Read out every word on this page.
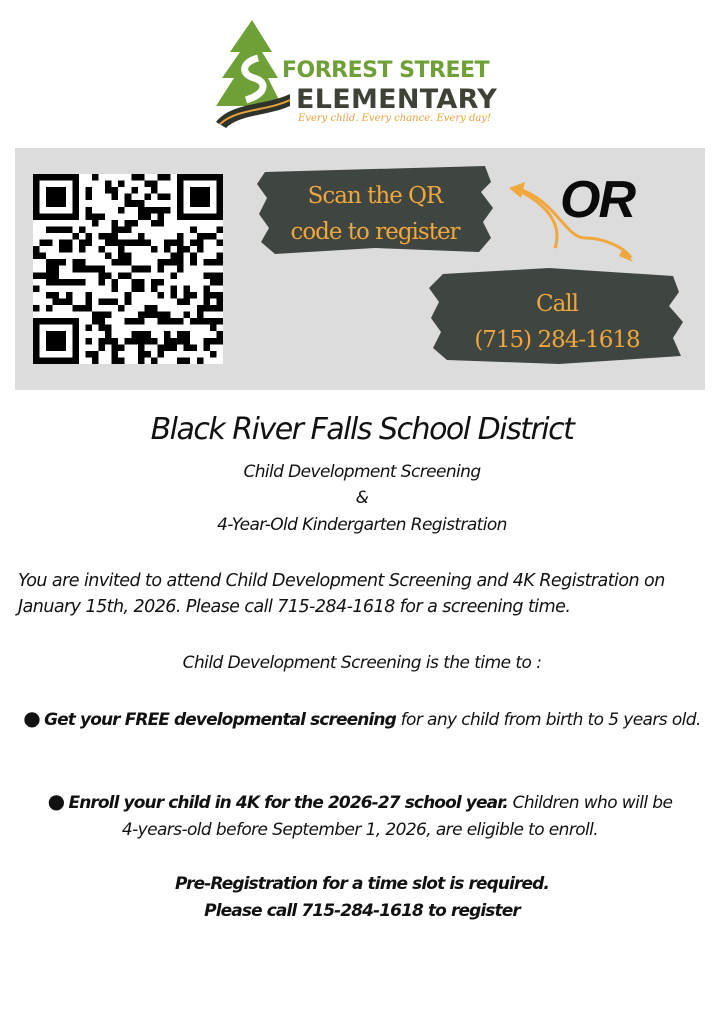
FORREST STREET
ELEMENTARY
Every child. Every chance. Every day!
Scan the QR
code to register
OR
Call
(715) 284-1618
Black River Falls School District
Child Development Screening
&
4-Year-Old Kindergarten Registration
You are invited to attend Child Development Screening and 4K Registration on January 15th, 2026. Please call 715-284-1618 for a screening time.
Child Development Screening is the time to :
● Get your FREE developmental screening for any child from birth to 5 years old.
● Enroll your child in 4K for the 2026-27 school year. Children who will be 4-years-old before September 1, 2026, are eligible to enroll.
Pre-Registration for a time slot is required.
Please call 715-284-1618 to register
